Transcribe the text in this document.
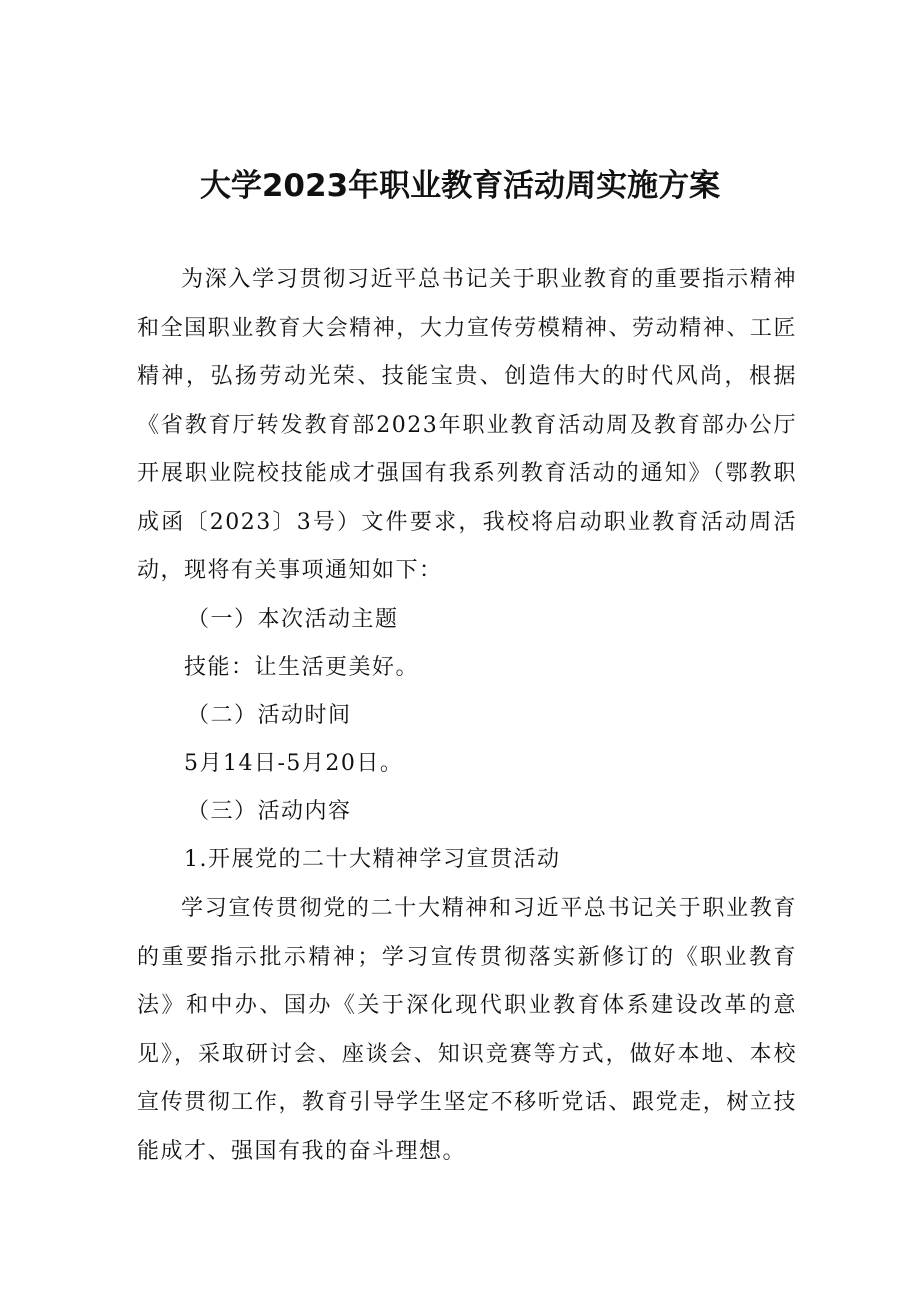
大学2023年职业教育活动周实施方案
为深入学习贯彻习近平总书记关于职业教育的重要指示精神和全国职业教育大会精神，大力宣传劳模精神、劳动精神、工匠精神，弘扬劳动光荣、技能宝贵、创造伟大的时代风尚，根据《省教育厅转发教育部2023年职业教育活动周及教育部办公厅开展职业院校技能成才强国有我系列教育活动的通知》（鄂教职成函〔2023〕3号）文件要求，我校将启动职业教育活动周活动，现将有关事项通知如下：
（一）本次活动主题
技能：让生活更美好。
（二）活动时间
5月14日-5月20日。
（三）活动内容
1.开展党的二十大精神学习宣贯活动
学习宣传贯彻党的二十大精神和习近平总书记关于职业教育的重要指示批示精神；学习宣传贯彻落实新修订的《职业教育法》和中办、国办《关于深化现代职业教育体系建设改革的意见》，采取研讨会、座谈会、知识竞赛等方式，做好本地、本校宣传贯彻工作，教育引导学生坚定不移听党话、跟党走，树立技能成才、强国有我的奋斗理想。
